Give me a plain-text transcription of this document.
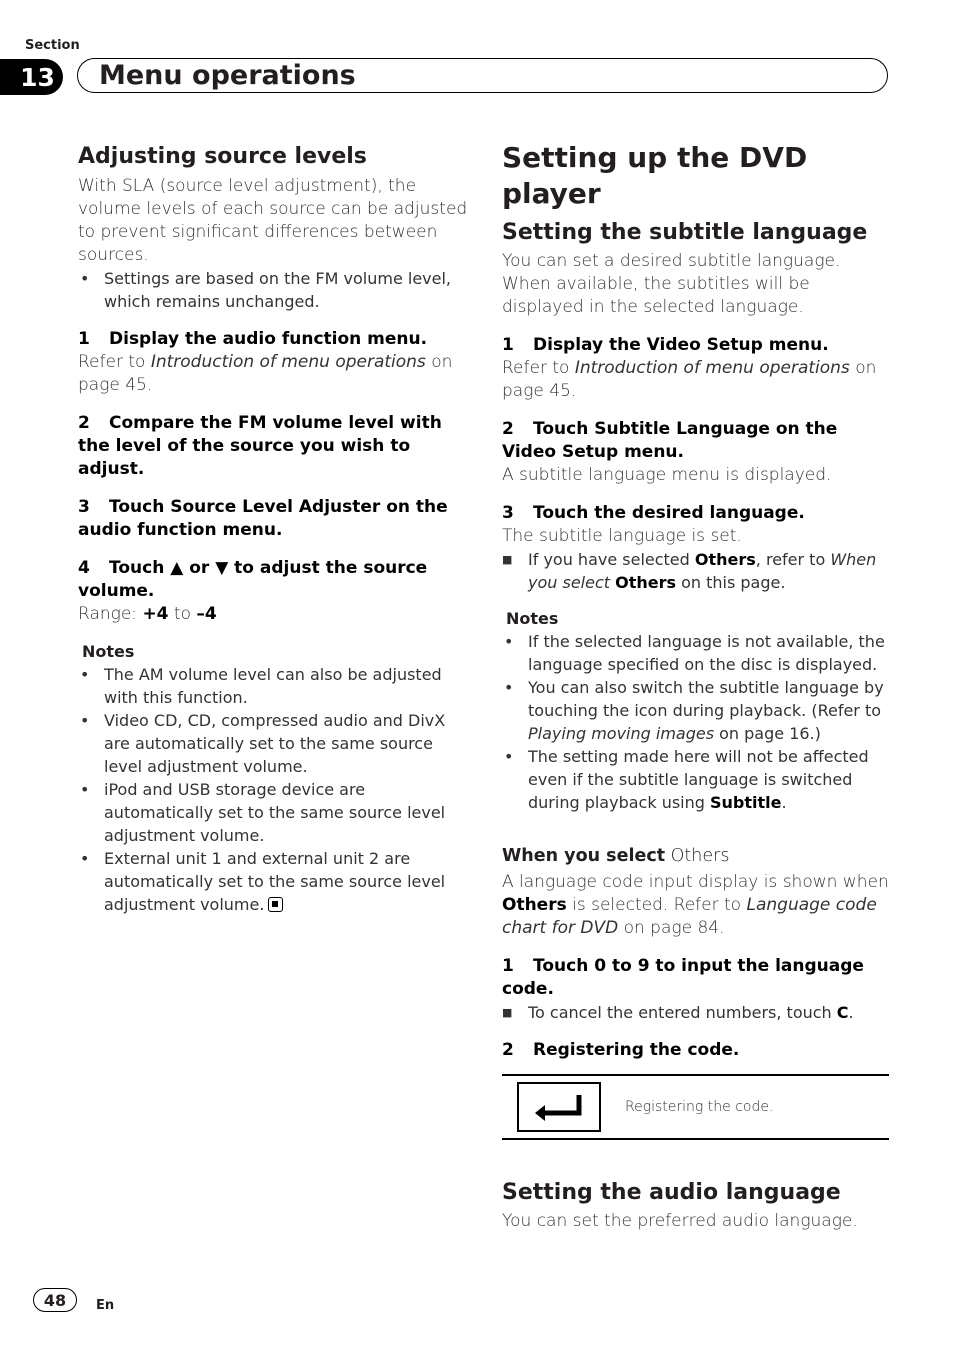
Section
13	Menu operations
Adjusting source levels

With SLA (source level adjustment), the volume levels of each source can be adjusted to prevent significant differences between sources.

• Settings are based on the FM volume level, which remains unchanged.
1 Display the audio function menu.

Refer to Introduction of menu operations on page 45.

2 Compare the FM volume level with the level of the source you wish to adjust.
3 Touch Source Level Adjuster on the audio function menu.
4 Touch ▲ or ▼ to adjust the source volume.

Range: +4 to –4

Notes
• The AM volume level can also be adjusted with this function.
• Video CD, CD, compressed audio and DivX are automatically set to the same source level adjustment volume.
• iPod and USB storage device are automatically set to the same source level adjustment volume.
• External unit 1 and external unit 2 are automatically set to the same source level adjustment volume.
Setting up the DVD player
Setting the subtitle language

You can set a desired subtitle language. When available, the subtitles will be displayed in the selected language.

1 Display the Video Setup menu.

Refer to Introduction of menu operations on page 45.

2 Touch Subtitle Language on the Video Setup menu.

A subtitle language menu is displayed.

3 Touch the desired language.

The subtitle language is set.

■ If you have selected Others, refer to When you select Others on this page.
Notes
• If the selected language is not available, the language specified on the disc is displayed.
• You can also switch the subtitle language by touching the icon during playback. (Refer to Playing moving images on page 16.)
• The setting made here will not be affected even if the subtitle language is switched during playback using Subtitle.
When you select Others

A language code input display is shown when Others is selected. Refer to Language code chart for DVD on page 84.

1 Touch 0 to 9 to input the language code.
■ To cancel the entered numbers, touch C.
2 Registering the code.
Registering the code.
Setting the audio language

You can set the preferred audio language.

48	En
